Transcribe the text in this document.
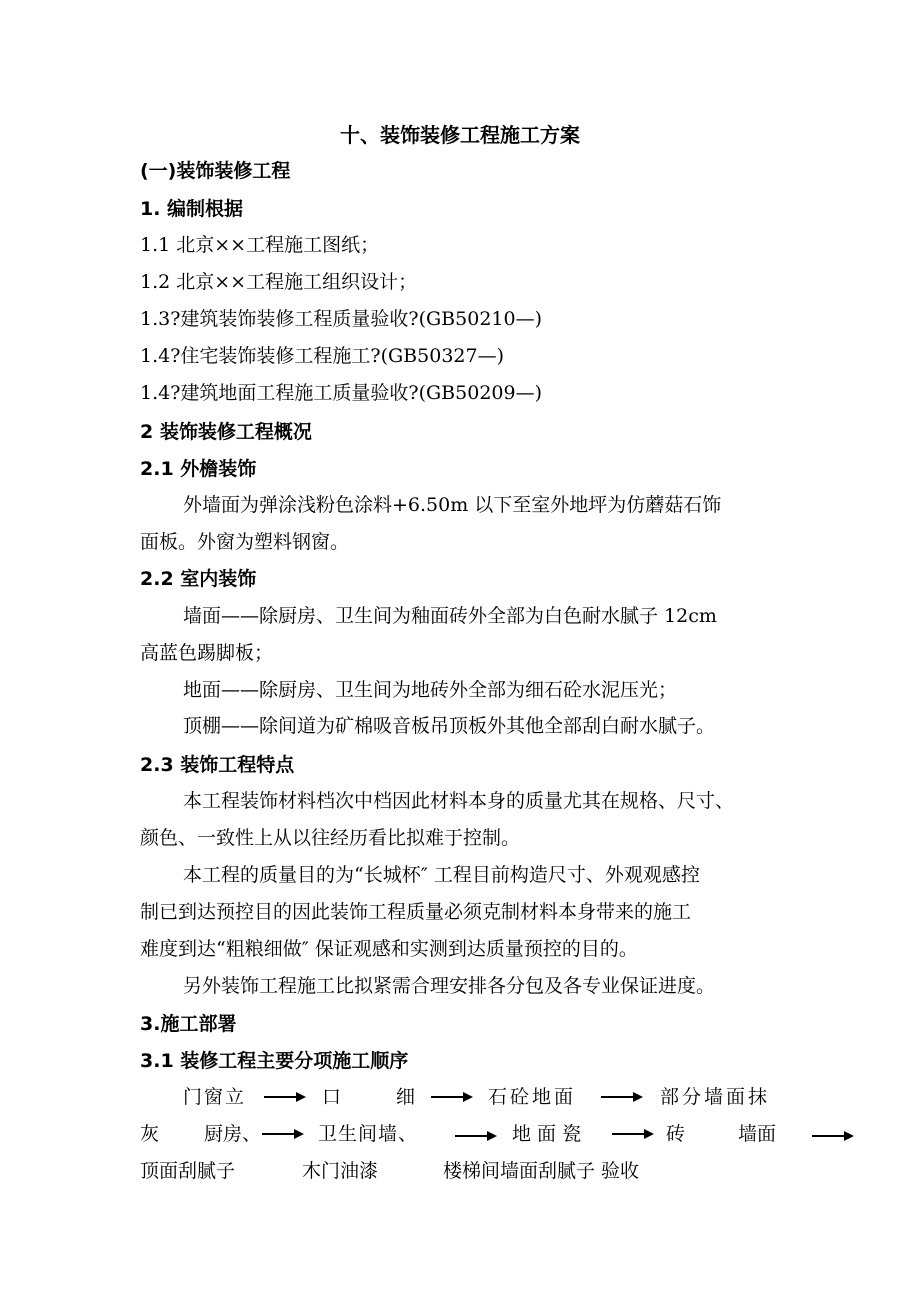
十、装饰装修工程施工方案
(一)装饰装修工程
1. 编制根据
1.1 北京××工程施工图纸；
1.2 北京××工程施工组织设计；
1.3?建筑装饰装修工程质量验收?(GB50210—)
1.4?住宅装饰装修工程施工?(GB50327—)
1.4?建筑地面工程施工质量验收?(GB50209—)
2 装饰装修工程概况
2.1 外檐装饰
外墙面为弹涂浅粉色涂料+6.50m 以下至室外地坪为仿蘑菇石饰
面板。外窗为塑料钢窗。
2.2 室内装饰
墙面——除厨房、卫生间为釉面砖外全部为白色耐水腻子 12cm
高蓝色踢脚板；
地面——除厨房、卫生间为地砖外全部为细石砼水泥压光；
顶棚——除间道为矿棉吸音板吊顶板外其他全部刮白耐水腻子。
2.3 装饰工程特点
本工程装饰材料档次中档因此材料本身的质量尤其在规格、尺寸、
颜色、一致性上从以往经历看比拟难于控制。
本工程的质量目的为“长城杯″ 工程目前构造尺寸、外观观感控
制已到达预控目的因此装饰工程质量必须克制材料本身带来的施工
难度到达“粗粮细做″ 保证观感和实测到达质量预控的目的。
另外装饰工程施工比拟紧需合理安排各分包及各专业保证进度。
3.施工部署
3.1 装修工程主要分项施工顺序
门窗立	口	细	石砼地面	部分墙面抹
灰 厨房、	卫生间墙、	地 面 瓷	砖	墙面
顶面刮腻子	木门油漆	楼梯间墙面刮腻子 验收
